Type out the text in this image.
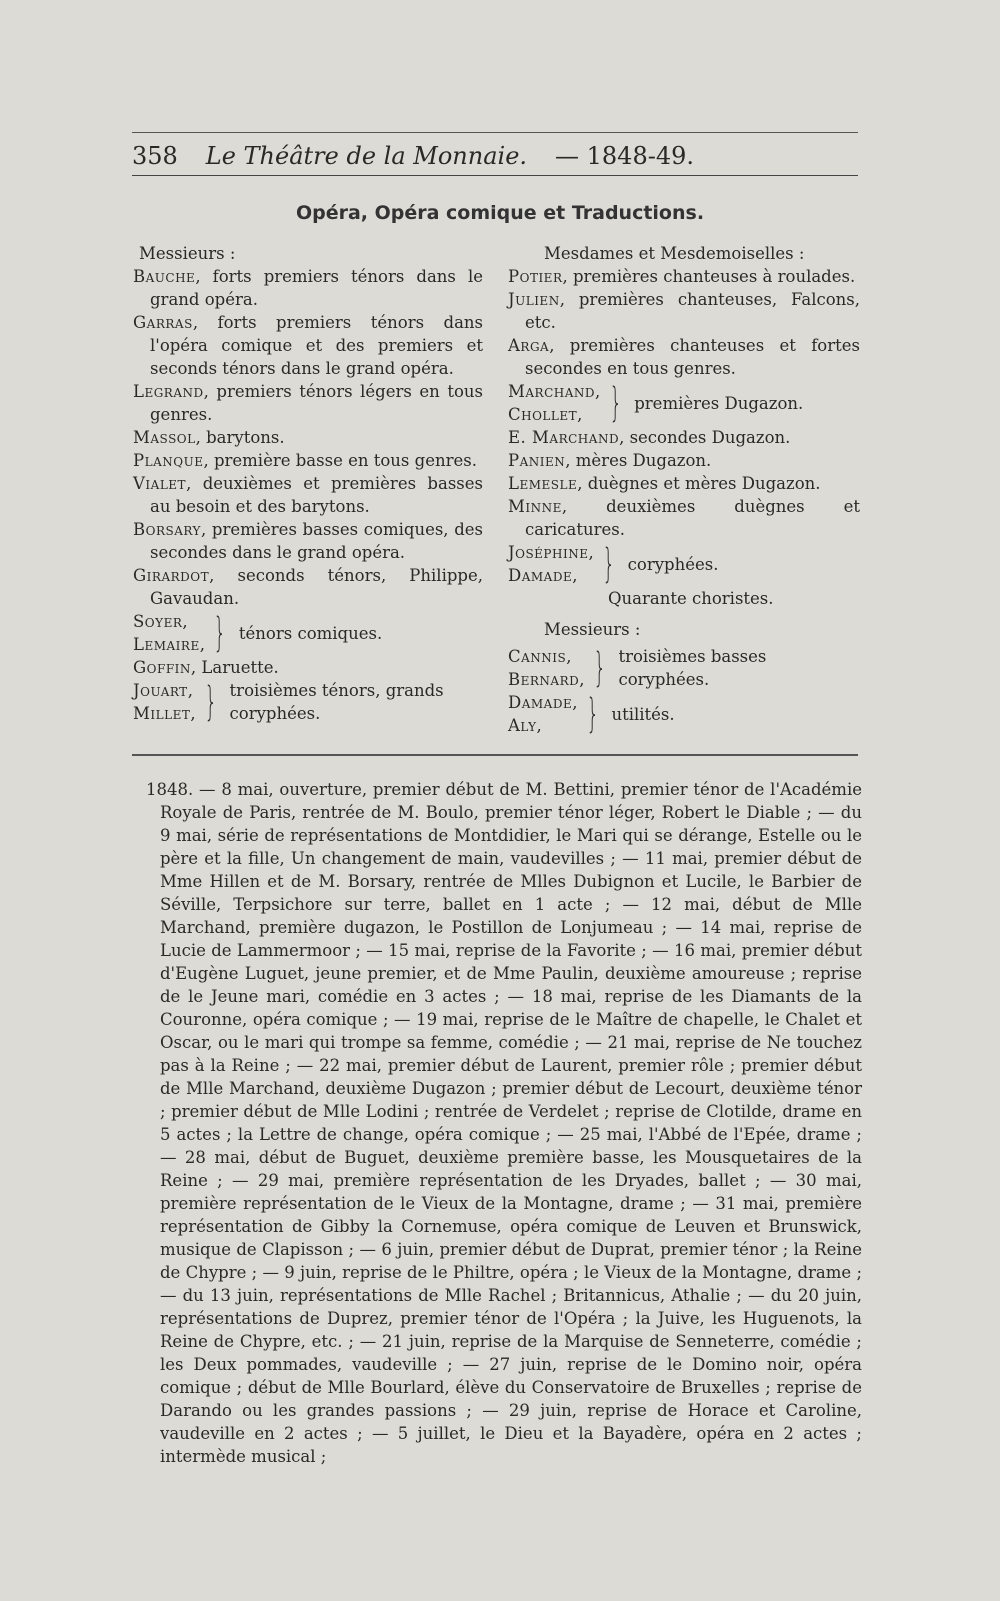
358 Le Théâtre de la Monnaie. — 1848-49.
Opéra, Opéra comique et Traductions.

Messieurs :

Bauche, forts premiers ténors dans le grand opéra.

Garras, forts premiers ténors dans l'opéra comique et des premiers et seconds ténors dans le grand opéra.

Legrand, premiers ténors légers en tous genres.

Massol, barytons.

Planque, première basse en tous genres.

Vialet, deuxièmes et premières basses au besoin et des barytons.

Borsary, premières basses comiques, des secondes dans le grand opéra.

Girardot, seconds ténors, Philippe, Gavaudan.

Soyer,
Lemaire, } ténors comiques.

Goffin, Laruette.

Jouart,
Millet, } troisièmes ténors, grands coryphées.

Mesdames et Mesdemoiselles :

Potier, premières chanteuses à roulades.

Julien, premières chanteuses, Falcons, etc.

Arga, premières chanteuses et fortes secondes en tous genres.

Marchand,
Chollet, } premières Dugazon.

E. Marchand, secondes Dugazon.

Panien, mères Dugazon.

Lemesle, duègnes et mères Dugazon.

Minne, deuxièmes duègnes et caricatures.

Joséphine,
Damade, } coryphées.

Quarante choristes.

Messieurs :

Cannis,
Bernard, } troisièmes basses coryphées.
Damade,
Aly,	} utilités.

1848. — 8 mai, ouverture, premier début de M. Bettini, premier ténor de l'Académie Royale de Paris, rentrée de M. Boulo, premier ténor léger, Robert le Diable ; — du 9 mai, série de représentations de Montdidier, le Mari qui se dérange, Estelle ou le père et la fille, Un changement de main, vaudevilles ; — 11 mai, premier début de Mme Hillen et de M. Borsary, rentrée de Mlles Dubignon et Lucile, le Barbier de Séville, Terpsichore sur terre, ballet en 1 acte ; — 12 mai, début de Mlle Marchand, première dugazon, le Postillon de Lonjumeau ; — 14 mai, reprise de Lucie de Lammermoor ; — 15 mai, reprise de la Favorite ; — 16 mai, premier début d'Eugène Luguet, jeune premier, et de Mme Paulin, deuxième amoureuse ; reprise de le Jeune mari, comédie en 3 actes ; — 18 mai, reprise de les Diamants de la Couronne, opéra comique ; — 19 mai, reprise de le Maître de chapelle, le Chalet et Oscar, ou le mari qui trompe sa femme, comédie ; — 21 mai, reprise de Ne touchez pas à la Reine ; — 22 mai, premier début de Laurent, premier rôle ; premier début de Mlle Marchand, deuxième Dugazon ; premier début de Lecourt, deuxième ténor ; premier début de Mlle Lodini ; rentrée de Verdelet ; reprise de Clotilde, drame en 5 actes ; la Lettre de change, opéra comique ; — 25 mai, l'Abbé de l'Epée, drame ; — 28 mai, début de Buguet, deuxième première basse, les Mousquetaires de la Reine ; — 29 mai, première représentation de les Dryades, ballet ; — 30 mai, première représentation de le Vieux de la Montagne, drame ; — 31 mai, première représentation de Gibby la Cornemuse, opéra comique de Leuven et Brunswick, musique de Clapisson ; — 6 juin, premier début de Duprat, premier ténor ; la Reine de Chypre ; — 9 juin, reprise de le Philtre, opéra ; le Vieux de la Montagne, drame ; — du 13 juin, représentations de Mlle Rachel ; Britannicus, Athalie ; — du 20 juin, représentations de Duprez, premier ténor de l'Opéra ; la Juive, les Huguenots, la Reine de Chypre, etc. ; — 21 juin, reprise de la Marquise de Senneterre, comédie ; les Deux pommades, vaudeville ; — 27 juin, reprise de le Domino noir, opéra comique ; début de Mlle Bourlard, élève du Conservatoire de Bruxelles ; reprise de Darando ou les grandes passions ; — 29 juin, reprise de Horace et Caroline, vaudeville en 2 actes ; — 5 juillet, le Dieu et la Bayadère, opéra en 2 actes ; intermède musical ;
